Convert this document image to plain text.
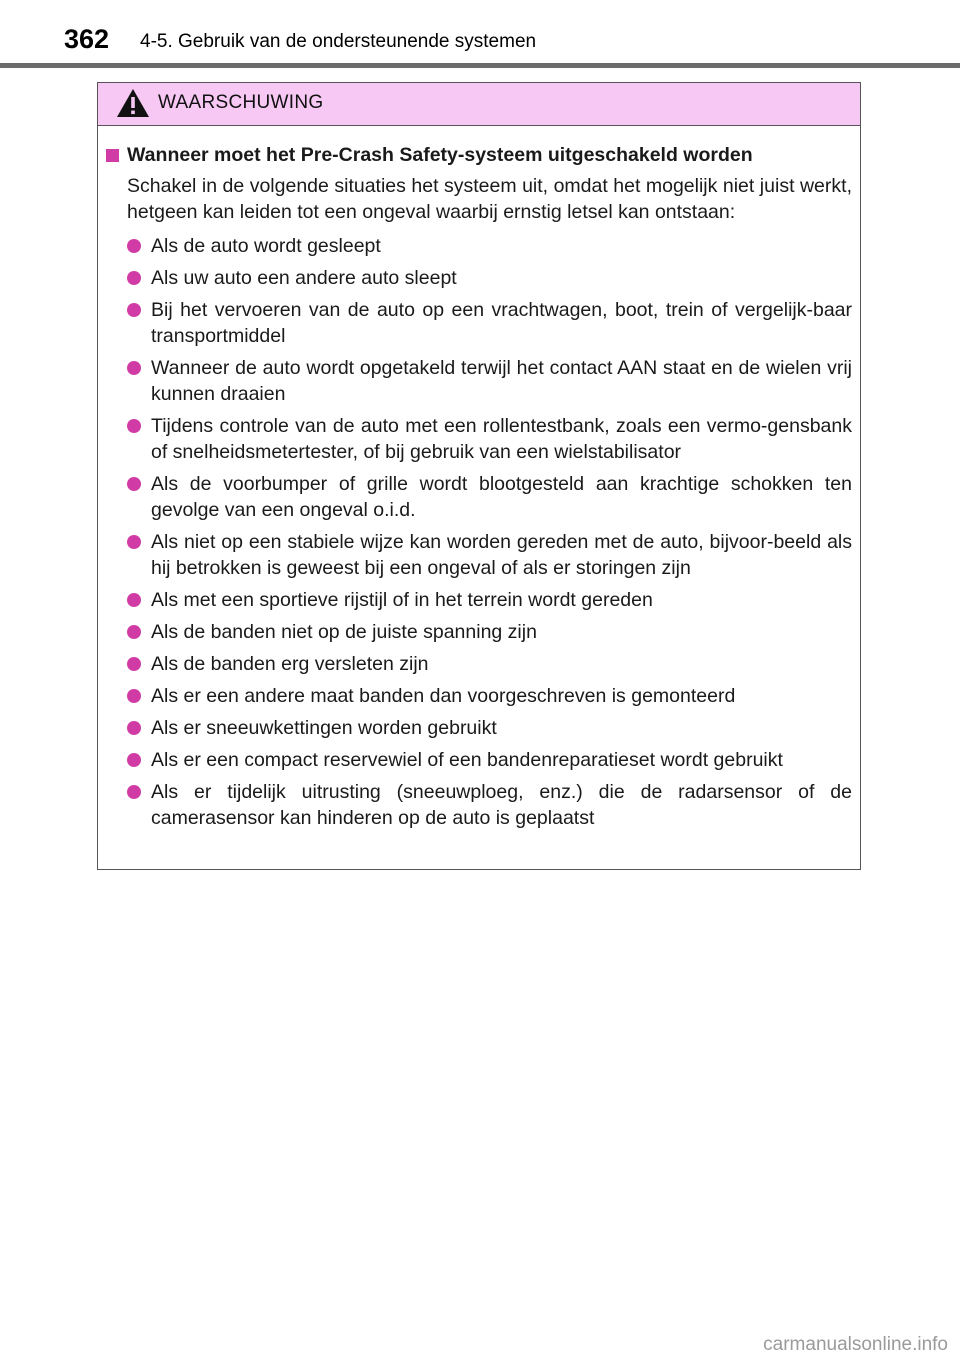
362 4-5. Gebruik van de ondersteunende systemen
WAARSCHUWING
Wanneer moet het Pre-Crash Safety-systeem uitgeschakeld worden

Schakel in de volgende situaties het systeem uit, omdat het mogelijk niet juist werkt, hetgeen kan leiden tot een ongeval waarbij ernstig letsel kan ontstaan:

Als de auto wordt gesleept
Als uw auto een andere auto sleept
Bij het vervoeren van de auto op een vrachtwagen, boot, trein of vergelijk-baar transportmiddel
Wanneer de auto wordt opgetakeld terwijl het contact AAN staat en de wielen vrij kunnen draaien
Tijdens controle van de auto met een rollentestbank, zoals een vermo-gensbank of snelheidsmetertester, of bij gebruik van een wielstabilisator
Als de voorbumper of grille wordt blootgesteld aan krachtige schokken ten gevolge van een ongeval o.i.d.
Als niet op een stabiele wijze kan worden gereden met de auto, bijvoor-beeld als hij betrokken is geweest bij een ongeval of als er storingen zijn
Als met een sportieve rijstijl of in het terrein wordt gereden
Als de banden niet op de juiste spanning zijn
Als de banden erg versleten zijn
Als er een andere maat banden dan voorgeschreven is gemonteerd
Als er sneeuwkettingen worden gebruikt
Als er een compact reservewiel of een bandenreparatieset wordt gebruikt
Als er tijdelijk uitrusting (sneeuwploeg, enz.) die de radarsensor of de camerasensor kan hinderen op de auto is geplaatst
carmanualsonline.info
